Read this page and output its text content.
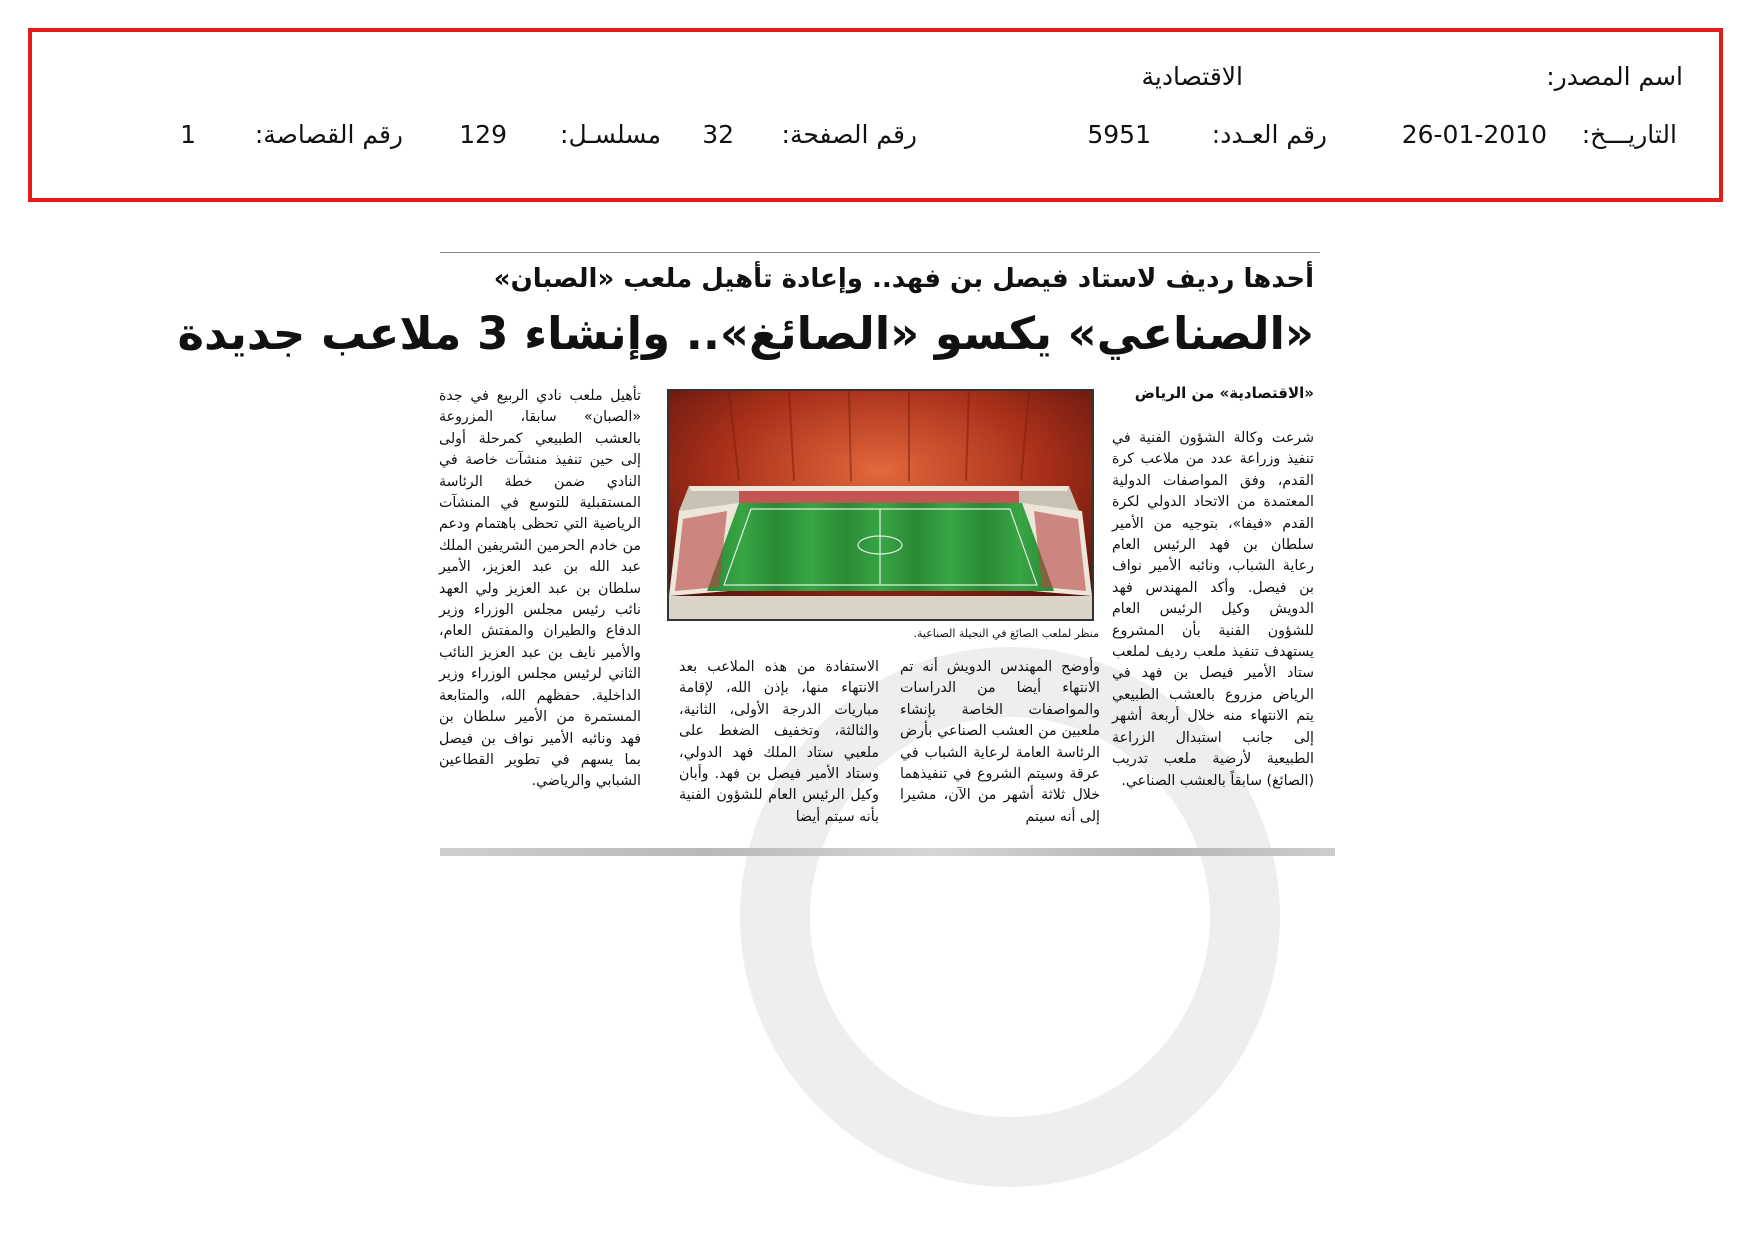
اسم المصدر:
الاقتصادية
التاريـــخ:
26-01-2010
رقم العـدد:
5951
رقم الصفحة:
32
مسلسـل:
129
رقم القصاصة:
1
أحدها رديف لاستاد فيصل بن فهد.. وإعادة تأهيل ملعب «الصبان»
«الصناعي» يكسو «الصائغ».. وإنشاء 3 ملاعب جديدة
«الاقتصادية» من الرياض

شرعت وكالة الشؤون الفنية في تنفيذ وزراعة عدد من ملاعب كرة القدم، وفق المواصفات الدولية المعتمدة من الاتحاد الدولي لكرة القدم «فيفا»، بتوجيه من الأمير سلطان بن فهد الرئيس العام رعاية الشباب، ونائبه الأمير نواف بن فيصل. وأكد المهندس فهد الدويش وكيل الرئيس العام للشؤون الفنية بأن المشروع يستهدف تنفيذ ملعب رديف لملعب ستاد الأمير فيصل بن فهد في الرياض مزروع بالعشب الطبيعي يتم الانتهاء منه خلال أربعة أشهر إلى جانب استبدال الزراعة الطبيعية لأرضية ملعب تدريب (الصائغ) سابقاً بالعشب الصناعي.

منظر لملعب الصائغ في النجيلة الصناعية.

وأوضح المهندس الدويش أنه تم الانتهاء أيضا من الدراسات والمواصفات الخاصة بإنشاء ملعبين من العشب الصناعي بأرض الرئاسة العامة لرعاية الشباب في عرقة وسيتم الشروع في تنفيذهما خلال ثلاثة أشهر من الآن، مشيرا إلى أنه سيتم

الاستفادة من هذه الملاعب بعد الانتهاء منها، بإذن الله، لإقامة مباريات الدرجة الأولى، الثانية، والثالثة، وتخفيف الضغط على ملعبي ستاد الملك فهد الدولي، وستاد الأمير فيصل بن فهد. وأبان وكيل الرئيس العام للشؤون الفنية بأنه سيتم أيضا

تأهيل ملعب نادي الربيع في جدة «الصبان» سابقا، المزروعة بالعشب الطبيعي كمرحلة أولى إلى حين تنفيذ منشآت خاصة في النادي ضمن خطة الرئاسة المستقبلية للتوسع في المنشآت الرياضية التي تحظى باهتمام ودعم من خادم الحرمين الشريفين الملك عبد الله بن عبد العزيز، الأمير سلطان بن عبد العزيز ولي العهد نائب رئيس مجلس الوزراء وزير الدفاع والطيران والمفتش العام، والأمير نايف بن عبد العزيز النائب الثاني لرئيس مجلس الوزراء وزير الداخلية. حفظهم الله، والمتابعة المستمرة من الأمير سلطان بن فهد ونائبه الأمير نواف بن فيصل بما يسهم في تطوير القطاعين الشبابي والرياضي.
